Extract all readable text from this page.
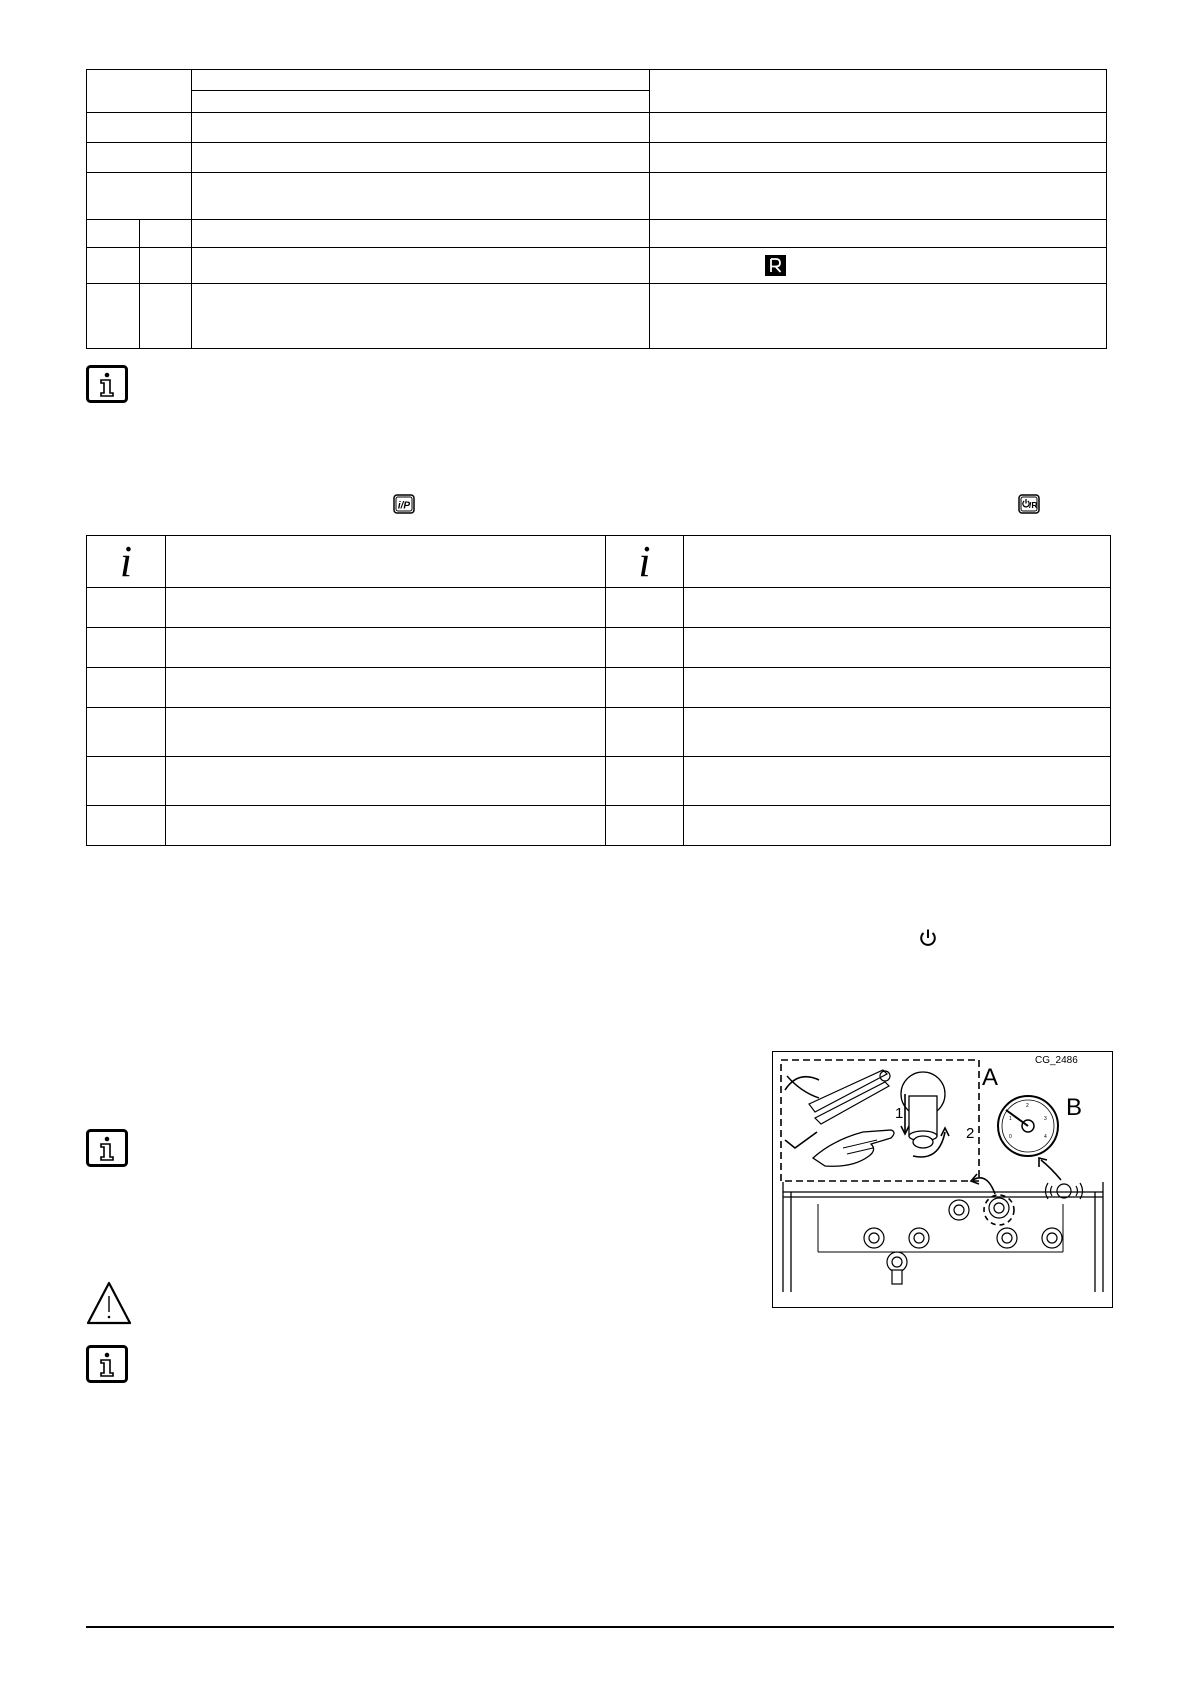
i/P	/R
i		i	

CG_2486
A
B
1
2	0
1
2
3
4
